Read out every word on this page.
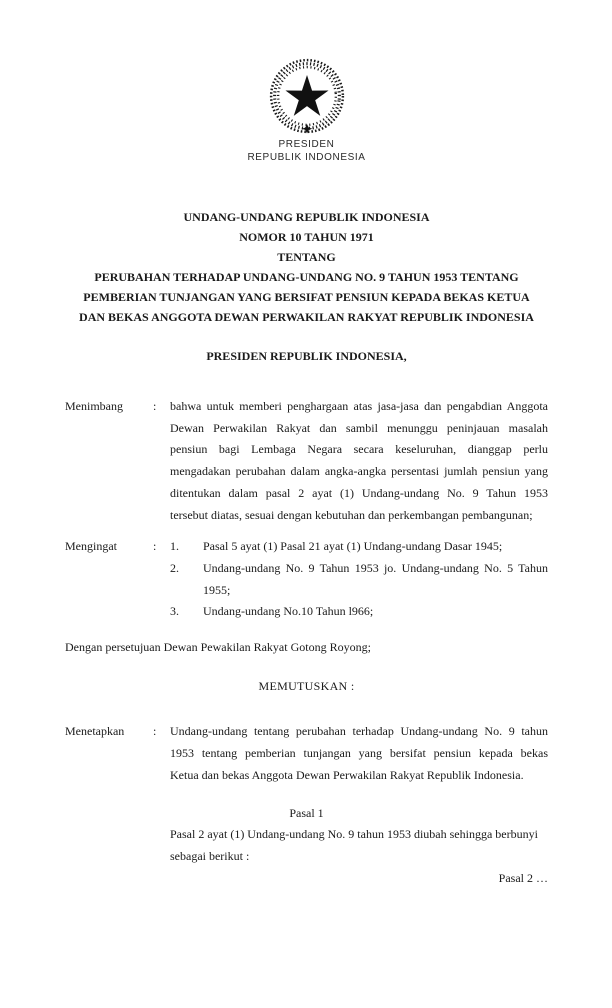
PRESIDEN
REPUBLIK INDONESIA
UNDANG-UNDANG REPUBLIK INDONESIA
NOMOR 10 TAHUN 1971
TENTANG
PERUBAHAN TERHADAP UNDANG-UNDANG NO. 9 TAHUN 1953 TENTANG
PEMBERIAN TUNJANGAN YANG BERSIFAT PENSIUN KEPADA BEKAS KETUA
DAN BEKAS ANGGOTA DEWAN PERWAKILAN RAKYAT REPUBLIK INDONESIA
PRESIDEN REPUBLIK INDONESIA,
Menimbang	:	bahwa untuk memberi penghargaan atas jasa-jasa dan pengabdian Anggota
Dewan Perwakilan Rakyat dan sambil menunggu peninjauan masalah
pensiun bagi Lembaga Negara secara keseluruhan, dianggap perlu
mengadakan perubahan dalam angka-angka persentasi jumlah pensiun yang
ditentukan dalam pasal 2 ayat (1) Undang-undang No. 9 Tahun 1953
tersebut diatas, sesuai dengan kebutuhan dan perkembangan pembangunan;
Mengingat	:	1.	Pasal 5 ayat (1) Pasal 21 ayat (1) Undang-undang Dasar 1945;
2.	Undang-undang No. 9 Tahun 1953 jo. Undang-undang No. 5 Tahun
1955;
3.	Undang-undang No.10 Tahun l966;
Dengan persetujuan Dewan Pewakilan Rakyat Gotong Royong;
MEMUTUSKAN :
Menetapkan	:	Undang-undang tentang perubahan terhadap Undang-undang No. 9 tahun
1953 tentang pemberian tunjangan yang bersifat pensiun kepada bekas
Ketua dan bekas Anggota Dewan Perwakilan Rakyat Republik Indonesia.
Pasal 1
Pasal 2 ayat (1) Undang-undang No. 9 tahun 1953 diubah sehingga berbunyi
sebagai berikut :
Pasal 2 …
